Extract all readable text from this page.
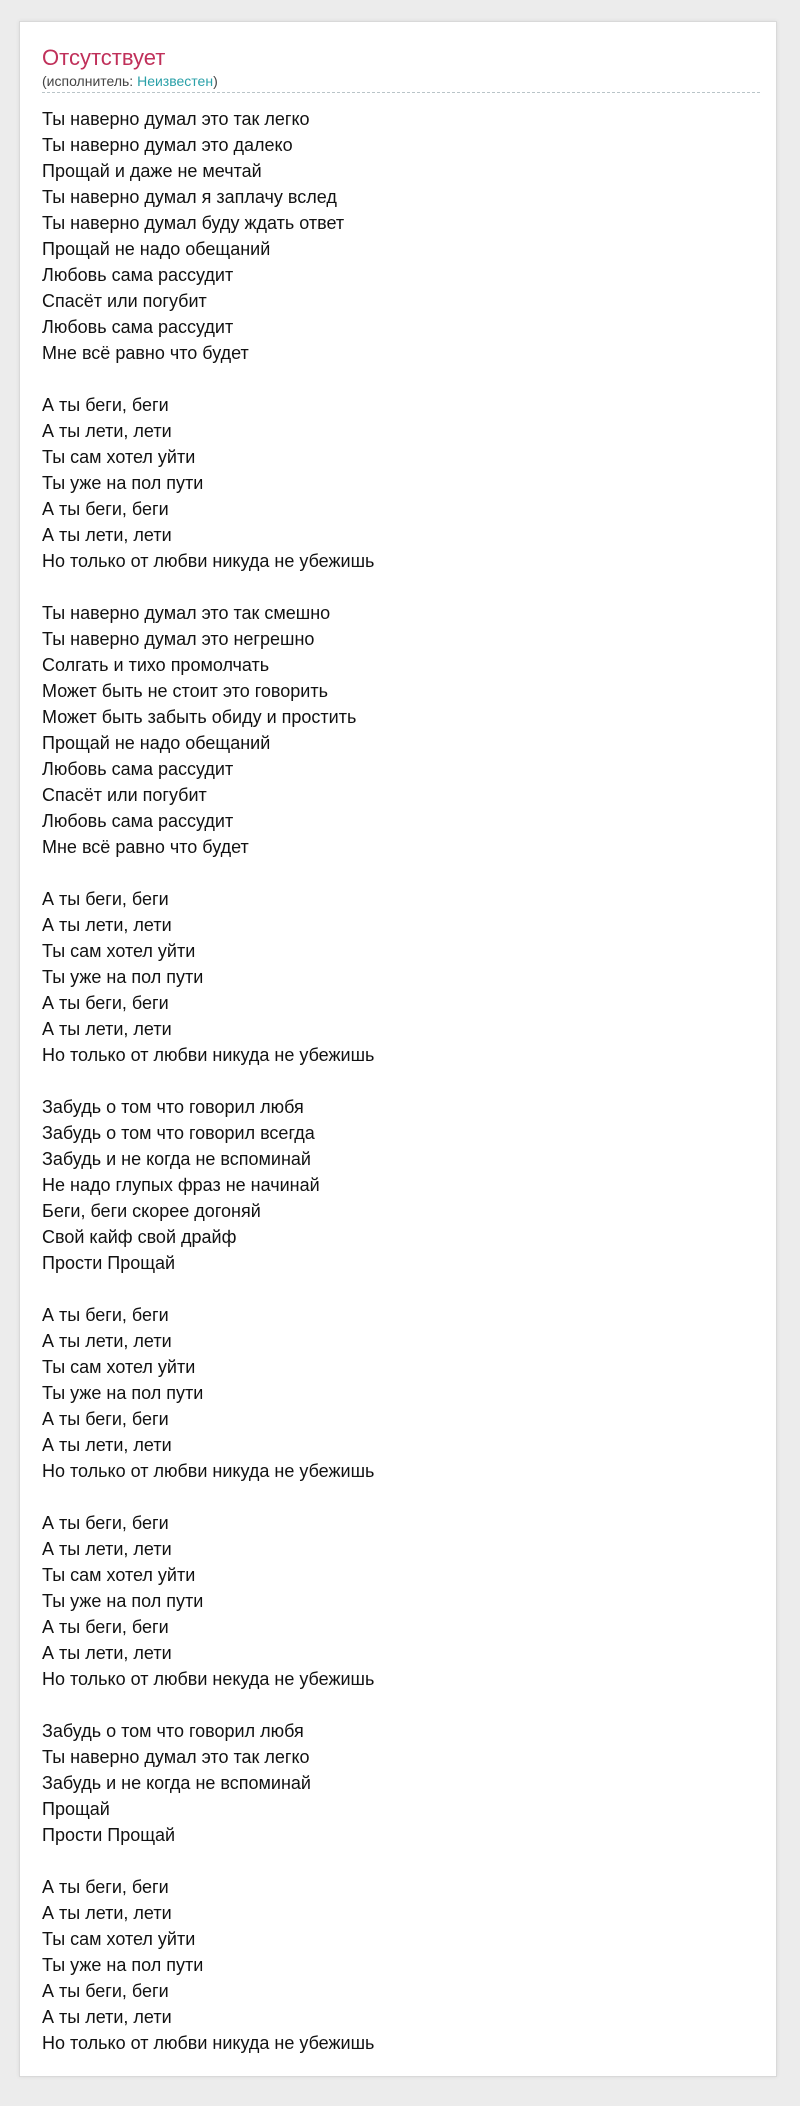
Отсутствует
(исполнитель: Неизвестен)
Ты наверно думал это так легко
Ты наверно думал это далеко
Прощай и даже не мечтай
Ты наверно думал я заплачу вслед
Ты наверно думал буду ждать ответ
Прощай не надо обещаний
Любовь сама рассудит
Спасёт или погубит
Любовь сама рассудит
Мне всё равно что будет
А ты беги, беги
А ты лети, лети
Ты сам хотел уйти
Ты уже на пол пути
А ты беги, беги
А ты лети, лети
Но только от любви никуда не убежишь
Ты наверно думал это так смешно
Ты наверно думал это негрешно
Солгать и тихо промолчать
Может быть не стоит это говорить
Может быть забыть обиду и простить
Прощай не надо обещаний
Любовь сама рассудит
Спасёт или погубит
Любовь сама рассудит
Мне всё равно что будет
А ты беги, беги
А ты лети, лети
Ты сам хотел уйти
Ты уже на пол пути
А ты беги, беги
А ты лети, лети
Но только от любви никуда не убежишь
Забудь о том что говорил любя
Забудь о том что говорил всегда
Забудь и не когда не вспоминай
Не надо глупых фраз не начинай
Беги, беги скорее догоняй
Свой кайф свой драйф
Прости Прощай
А ты беги, беги
А ты лети, лети
Ты сам хотел уйти
Ты уже на пол пути
А ты беги, беги
А ты лети, лети
Но только от любви никуда не убежишь
А ты беги, беги
А ты лети, лети
Ты сам хотел уйти
Ты уже на пол пути
А ты беги, беги
А ты лети, лети
Но только от любви некуда не убежишь
Забудь о том что говорил любя
Ты наверно думал это так легко
Забудь и не когда не вспоминай
Прощай
Прости Прощай
А ты беги, беги
А ты лети, лети
Ты сам хотел уйти
Ты уже на пол пути
А ты беги, беги
А ты лети, лети
Но только от любви никуда не убежишь
